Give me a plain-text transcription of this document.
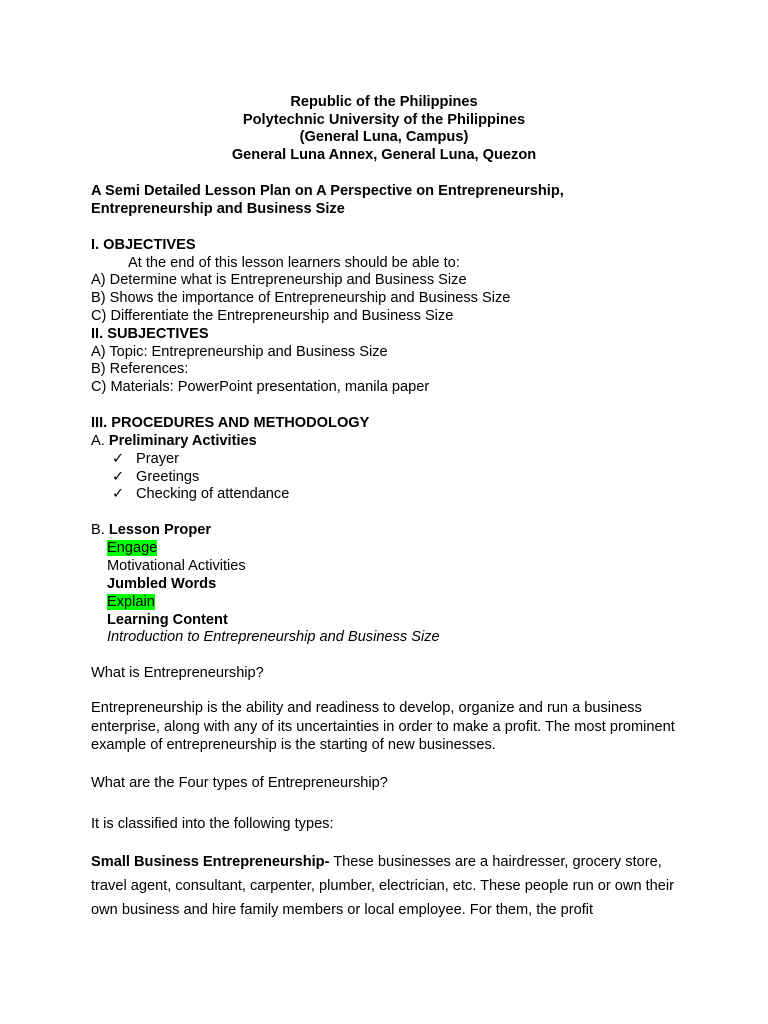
Republic of the Philippines
Polytechnic University of the Philippines
(General Luna, Campus)
General Luna Annex, General Luna, Quezon
A Semi Detailed Lesson Plan on A Perspective on Entrepreneurship,
Entrepreneurship and Business Size
I. OBJECTIVES
At the end of this lesson learners should be able to:
A) Determine what is Entrepreneurship and Business Size
B) Shows the importance of Entrepreneurship and Business Size
C) Differentiate the Entrepreneurship and Business Size
II. SUBJECTIVES
A) Topic: Entrepreneurship and Business Size
B) References:
C) Materials: PowerPoint presentation, manila paper
III. PROCEDURES AND METHODOLOGY
A. Preliminary Activities
✓ Prayer
✓ Greetings
✓ Checking of attendance
B. Lesson Proper
Engage
Motivational Activities
Jumbled Words
Explain
Learning Content
Introduction to Entrepreneurship and Business Size
What is Entrepreneurship?
Entrepreneurship is the ability and readiness to develop, organize and run a business enterprise, along with any of its uncertainties in order to make a profit. The most prominent example of entrepreneurship is the starting of new businesses.
What are the Four types of Entrepreneurship?
It is classified into the following types:
Small Business Entrepreneurship- These businesses are a hairdresser, grocery store, travel agent, consultant, carpenter, plumber, electrician, etc. These people run or own their own business and hire family members or local employee. For them, the profit
